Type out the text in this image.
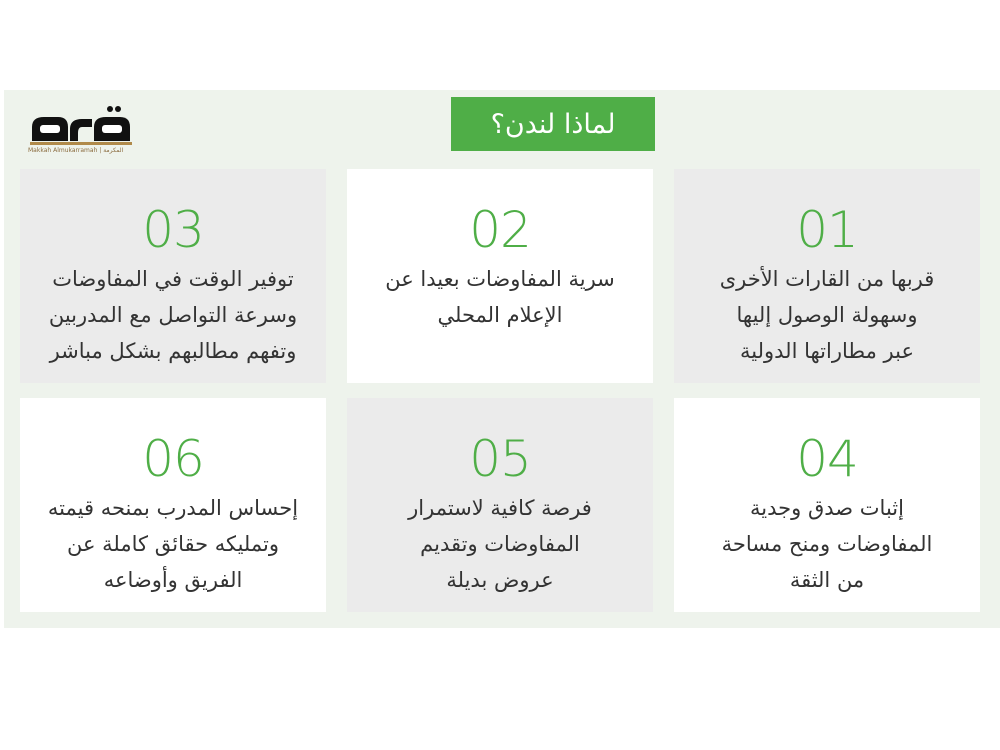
Makkah Almukarramah | المكرمة
لماذا لندن؟
01
قربها من القارات الأخرى
وسهولة الوصول إليها
عبر مطاراتها الدولية
02
سرية المفاوضات بعيدا عن
الإعلام المحلي
03
توفير الوقت في المفاوضات
وسرعة التواصل مع المدربين
وتفهم مطالبهم بشكل مباشر
04
إثبات صدق وجدية
المفاوضات ومنح مساحة
من الثقة
05
فرصة كافية لاستمرار
المفاوضات وتقديم
عروض بديلة
06
إحساس المدرب بمنحه قيمته
وتمليكه حقائق كاملة عن
الفريق وأوضاعه
